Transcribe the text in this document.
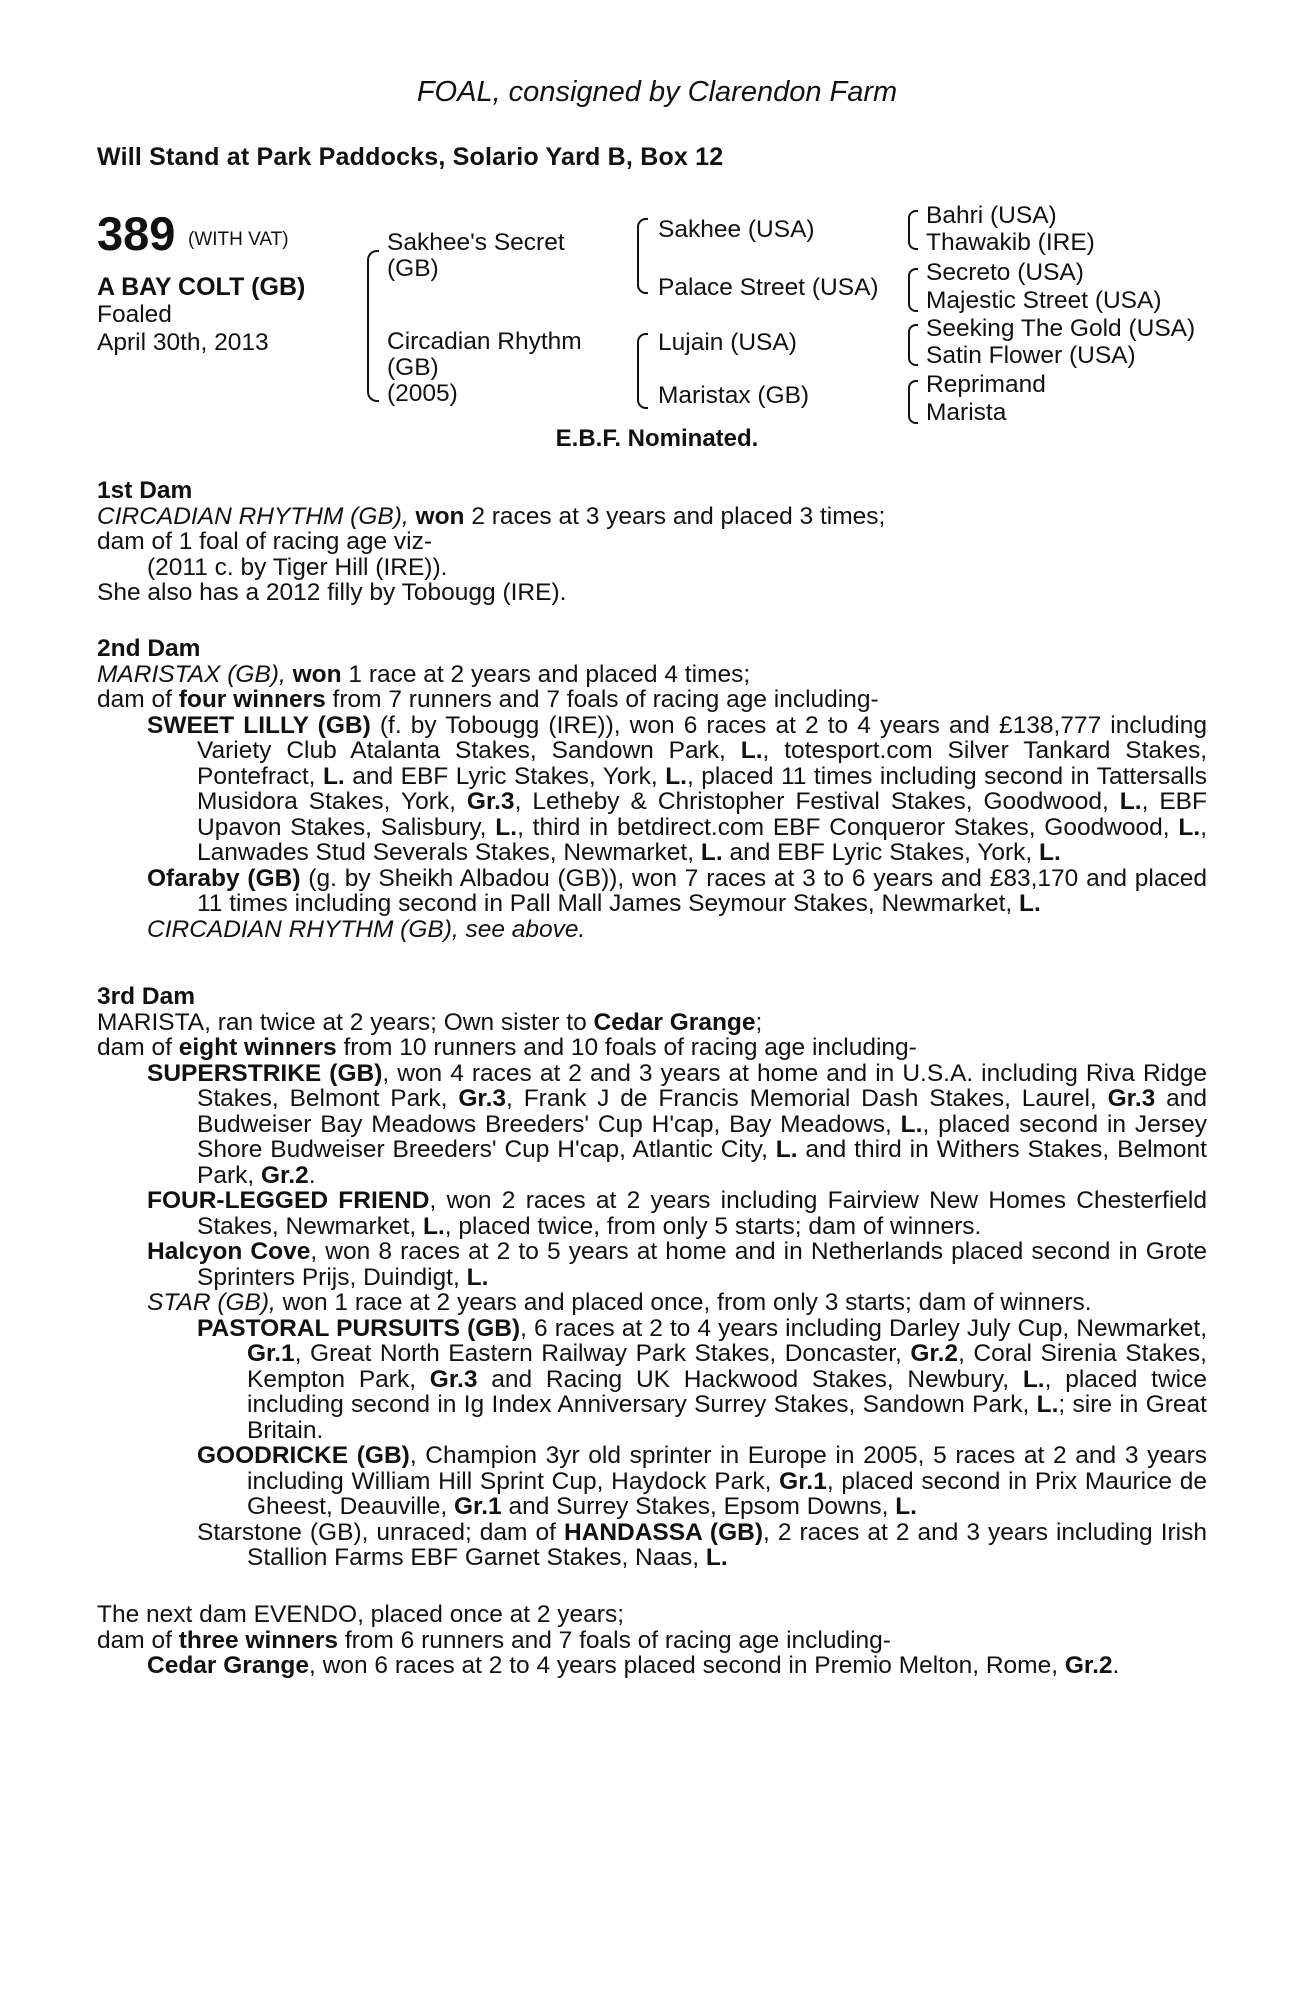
FOAL, consigned by Clarendon Farm
Will Stand at Park Paddocks, Solario Yard B, Box 12
389 (WITH VAT)
A BAY COLT (GB)
Foaled
April 30th, 2013
Sakhee's Secret
(GB)
Circadian Rhythm
(GB)
(2005)
Sakhee (USA)
Palace Street (USA)
Lujain (USA)
Maristax (GB)
Bahri (USA)
Thawakib (IRE)
Secreto (USA)
Majestic Street (USA)
Seeking The Gold (USA)
Satin Flower (USA)
Reprimand
Marista
E.B.F. Nominated.

1st Dam

CIRCADIAN RHYTHM (GB), won 2 races at 3 years and placed 3 times;

dam of 1 foal of racing age viz-

(2011 c. by Tiger Hill (IRE)).

She also has a 2012 filly by Tobougg (IRE).

2nd Dam

MARISTAX (GB), won 1 race at 2 years and placed 4 times;

dam of four winners from 7 runners and 7 foals of racing age including-

SWEET LILLY (GB) (f. by Tobougg (IRE)), won 6 races at 2 to 4 years and £138,777 including Variety Club Atalanta Stakes, Sandown Park, L., totesport.com Silver Tankard Stakes, Pontefract, L. and EBF Lyric Stakes, York, L., placed 11 times including second in Tattersalls Musidora Stakes, York, Gr.3, Letheby & Christopher Festival Stakes, Goodwood, L., EBF Upavon Stakes, Salisbury, L., third in betdirect.com EBF Conqueror Stakes, Goodwood, L., Lanwades Stud Severals Stakes, Newmarket, L. and EBF Lyric Stakes, York, L.

Ofaraby (GB) (g. by Sheikh Albadou (GB)), won 7 races at 3 to 6 years and £83,170 and placed 11 times including second in Pall Mall James Seymour Stakes, Newmarket, L.

CIRCADIAN RHYTHM (GB), see above.

3rd Dam

MARISTA, ran twice at 2 years; Own sister to Cedar Grange;

dam of eight winners from 10 runners and 10 foals of racing age including-

SUPERSTRIKE (GB), won 4 races at 2 and 3 years at home and in U.S.A. including Riva Ridge Stakes, Belmont Park, Gr.3, Frank J de Francis Memorial Dash Stakes, Laurel, Gr.3 and Budweiser Bay Meadows Breeders' Cup H'cap, Bay Meadows, L., placed second in Jersey Shore Budweiser Breeders' Cup H'cap, Atlantic City, L. and third in Withers Stakes, Belmont Park, Gr.2.

FOUR-LEGGED FRIEND, won 2 races at 2 years including Fairview New Homes Chesterfield Stakes, Newmarket, L., placed twice, from only 5 starts; dam of winners.

Halcyon Cove, won 8 races at 2 to 5 years at home and in Netherlands placed second in Grote Sprinters Prijs, Duindigt, L.

STAR (GB), won 1 race at 2 years and placed once, from only 3 starts; dam of winners.

PASTORAL PURSUITS (GB), 6 races at 2 to 4 years including Darley July Cup, Newmarket, Gr.1, Great North Eastern Railway Park Stakes, Doncaster, Gr.2, Coral Sirenia Stakes, Kempton Park, Gr.3 and Racing UK Hackwood Stakes, Newbury, L., placed twice including second in Ig Index Anniversary Surrey Stakes, Sandown Park, L.; sire in Great Britain.

GOODRICKE (GB), Champion 3yr old sprinter in Europe in 2005, 5 races at 2 and 3 years including William Hill Sprint Cup, Haydock Park, Gr.1, placed second in Prix Maurice de Gheest, Deauville, Gr.1 and Surrey Stakes, Epsom Downs, L.

Starstone (GB), unraced; dam of HANDASSA (GB), 2 races at 2 and 3 years including Irish Stallion Farms EBF Garnet Stakes, Naas, L.

The next dam EVENDO, placed once at 2 years;

dam of three winners from 6 runners and 7 foals of racing age including-

Cedar Grange, won 6 races at 2 to 4 years placed second in Premio Melton, Rome, Gr.2.
